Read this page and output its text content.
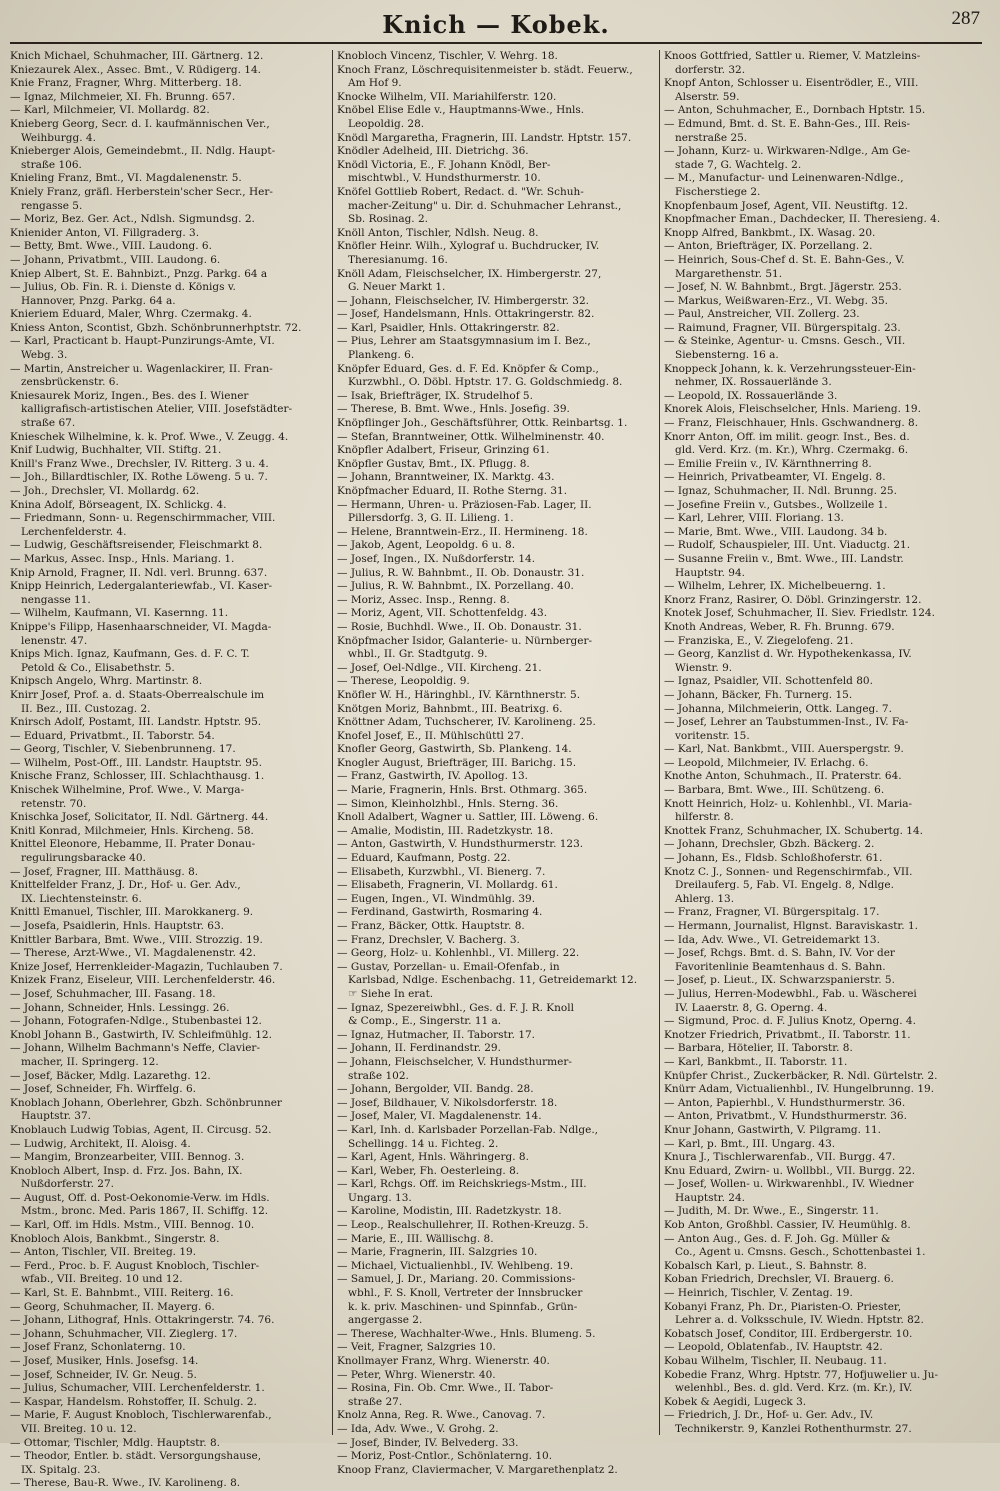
Knich — Kobek.	287
Knich Michael, Schuhmacher, III. Gärtnerg. 12.
Kniezaurek Alex., Assec. Bmt., V. Rüdigerg. 14.
Knie Franz, Fragner, Whrg. Mitterberg. 18.
— Ignaz, Milchmeier, XI. Fh. Brunng. 657.
— Karl, Milchmeier, VI. Mollardg. 82.
Knieberg Georg, Secr. d. I. kaufmännischen Ver.,
Weihburgg. 4.
Knieberger Alois, Gemeindebmt., II. Ndlg. Haupt-
straße 106.
Knieling Franz, Bmt., VI. Magdalenenstr. 5.
Kniely Franz, gräfl. Herberstein'scher Secr., Her-
rengasse 5.
— Moriz, Bez. Ger. Act., Ndlsh. Sigmundsg. 2.
Knienider Anton, VI. Fillgraderg. 3.
— Betty, Bmt. Wwe., VIII. Laudong. 6.
— Johann, Privatbmt., VIII. Laudong. 6.
Kniep Albert, St. E. Bahnbizt., Pnzg. Parkg. 64 a
— Julius, Ob. Fin. R. i. Dienste d. Königs v.
Hannover, Pnzg. Parkg. 64 a.
Knieriem Eduard, Maler, Whrg. Czermakg. 4.
Kniess Anton, Scontist, Gbzh. Schönbrunnerhptstr. 72.
— Karl, Practicant b. Haupt-Punzirungs-Amte, VI.
Webg. 3.
— Martin, Anstreicher u. Wagenlackirer, II. Fran-
zensbrückenstr. 6.
Kniesaurek Moriz, Ingen., Bes. des I. Wiener
kalligrafisch-artistischen Atelier, VIII. Josefstädter-
straße 67.
Knieschek Wilhelmine, k. k. Prof. Wwe., V. Zeugg. 4.
Knif Ludwig, Buchhalter, VII. Stiftg. 21.
Knill's Franz Wwe., Drechsler, IV. Ritterg. 3 u. 4.
— Joh., Billardtischler, IX. Rothe Löweng. 5 u. 7.
— Joh., Drechsler, VI. Mollardg. 62.
Knina Adolf, Börseagent, IX. Schlickg. 4.
— Friedmann, Sonn- u. Regenschirmmacher, VIII.
Lerchenfelderstr. 4.
— Ludwig, Geschäftsreisender, Fleischmarkt 8.
— Markus, Assec. Insp., Hnls. Mariang. 1.
Knip Arnold, Fragner, II. Ndl. verl. Brunng. 637.
Knipp Heinrich, Ledergalanteriewfab., VI. Kaser-
nengasse 11.
— Wilhelm, Kaufmann, VI. Kasernng. 11.
Knippe's Filipp, Hasenhaarschneider, VI. Magda-
lenenstr. 47.
Knips Mich. Ignaz, Kaufmann, Ges. d. F. C. T.
Petold & Co., Elisabethstr. 5.
Knipsch Angelo, Whrg. Martinstr. 8.
Knirr Josef, Prof. a. d. Staats-Oberrealschule im
II. Bez., III. Custozag. 2.
Knirsch Adolf, Postamt, III. Landstr. Hptstr. 95.
— Eduard, Privatbmt., II. Taborstr. 54.
— Georg, Tischler, V. Siebenbrunneng. 17.
— Wilhelm, Post-Off., III. Landstr. Hauptstr. 95.
Knische Franz, Schlosser, III. Schlachthausg. 1.
Knischek Wilhelmine, Prof. Wwe., V. Marga-
retenstr. 70.
Knischka Josef, Solicitator, II. Ndl. Gärtnerg. 44.
Knitl Konrad, Milchmeier, Hnls. Kircheng. 58.
Knittel Eleonore, Hebamme, II. Prater Donau-
regulirungsbaracke 40.
— Josef, Fragner, III. Matthäusg. 8.
Knittelfelder Franz, J. Dr., Hof- u. Ger. Adv.,
IX. Liechtensteinstr. 6.
Knittl Emanuel, Tischler, III. Marokkanerg. 9.
— Josefa, Psaidlerin, Hnls. Hauptstr. 63.
Knittler Barbara, Bmt. Wwe., VIII. Strozzig. 19.
— Therese, Arzt-Wwe., VI. Magdalenenstr. 42.
Knize Josef, Herrenkleider-Magazin, Tuchlauben 7.
Knizek Franz, Eiseleur, VIII. Lerchenfelderstr. 46.
— Josef, Schuhmacher, III. Fasang. 18.
— Johann, Schneider, Hnls. Lessingg. 26.
— Johann, Fotografen-Ndlge., Stubenbastei 12.
Knobl Johann B., Gastwirth, IV. Schleifmühlg. 12.
— Johann, Wilhelm Bachmann's Neffe, Clavier-
macher, II. Springerg. 12.
— Josef, Bäcker, Mdlg. Lazarethg. 12.
— Josef, Schneider, Fh. Wirffelg. 6.
Knoblach Johann, Oberlehrer, Gbzh. Schönbrunner
Hauptstr. 37.
Knoblauch Ludwig Tobias, Agent, II. Circusg. 52.
— Ludwig, Architekt, II. Aloisg. 4.
— Mangim, Bronzearbeiter, VIII. Bennog. 3.
Knobloch Albert, Insp. d. Frz. Jos. Bahn, IX.
Nußdorferstr. 27.
— August, Off. d. Post-Oekonomie-Verw. im Hdls.
Mstm., bronc. Med. Paris 1867, II. Schiffg. 12.
— Karl, Off. im Hdls. Mstm., VIII. Bennog. 10.
Knobloch Alois, Bankbmt., Singerstr. 8.
— Anton, Tischler, VII. Breiteg. 19.
— Ferd., Proc. b. F. August Knobloch, Tischler-
wfab., VII. Breiteg. 10 und 12.
— Karl, St. E. Bahnbmt., VIII. Reiterg. 16.
— Georg, Schuhmacher, II. Mayerg. 6.
— Johann, Lithograf, Hnls. Ottakringerstr. 74. 76.
— Johann, Schuhmacher, VII. Zieglerg. 17.
— Josef Franz, Schonlaterng. 10.
— Josef, Musiker, Hnls. Josefsg. 14.
— Josef, Schneider, IV. Gr. Neug. 5.
— Julius, Schumacher, VIII. Lerchenfelderstr. 1.
— Kaspar, Handelsm. Rohstoffer, II. Schulg. 2.
— Marie, F. August Knobloch, Tischlerwarenfab.,
VII. Breiteg. 10 u. 12.
— Ottomar, Tischler, Mdlg. Hauptstr. 8.
— Theodor, Entler. b. städt. Versorgungshause,
IX. Spitalg. 23.
— Therese, Bau-R. Wwe., IV. Karolineng. 8.
Knobloch Vincenz, Tischler, V. Wehrg. 18.
Knoch Franz, Löschrequisitenmeister b. städt. Feuerw.,
Am Hof 9.
Knocke Wilhelm, VII. Mariahilferstr. 120.
Knöbel Elise Edle v., Hauptmanns-Wwe., Hnls.
Leopoldig. 28.
Knödl Margaretha, Fragnerin, III. Landstr. Hptstr. 157.
Knödler Adelheid, III. Dietrichg. 36.
Knödl Victoria, E., F. Johann Knödl, Ber-
mischtwbl., V. Hundsthurmerstr. 10.
Knöfel Gottlieb Robert, Redact. d. "Wr. Schuh-
macher-Zeitung" u. Dir. d. Schuhmacher Lehranst.,
Sb. Rosinag. 2.
Knöll Anton, Tischler, Ndlsh. Neug. 8.
Knöfler Heinr. Wilh., Xylograf u. Buchdrucker, IV.
Theresianumg. 16.
Knöll Adam, Fleischselcher, IX. Himbergerstr. 27,
G. Neuer Markt 1.
— Johann, Fleischselcher, IV. Himbergerstr. 32.
— Josef, Handelsmann, Hnls. Ottakringerstr. 82.
— Karl, Psaidler, Hnls. Ottakringerstr. 82.
— Pius, Lehrer am Staatsgymnasium im I. Bez.,
Plankeng. 6.
Knöpfer Eduard, Ges. d. F. Ed. Knöpfer & Comp.,
Kurzwbhl., O. Döbl. Hptstr. 17. G. Goldschmiedg. 8.
— Isak, Briefträger, IX. Strudelhof 5.
— Therese, B. Bmt. Wwe., Hnls. Josefig. 39.
Knöpflinger Joh., Geschäftsführer, Ottk. Reinbartsg. 1.
— Stefan, Branntweiner, Ottk. Wilhelminenstr. 40.
Knöpfler Adalbert, Friseur, Grinzing 61.
Knöpfler Gustav, Bmt., IX. Pflugg. 8.
— Johann, Branntweiner, IX. Marktg. 43.
Knöpfmacher Eduard, II. Rothe Sterng. 31.
— Hermann, Uhren- u. Präziosen-Fab. Lager, II.
Pillersdorfg. 3, G. II. Lilieng. 1.
— Helene, Branntwein-Erz., II. Hermineng. 18.
— Jakob, Agent, Leopoldg. 6 u. 8.
— Josef, Ingen., IX. Nußdorferstr. 14.
— Julius, R. W. Bahnbmt., II. Ob. Donaustr. 31.
— Julius, R. W. Bahnbmt., IX. Porzellang. 40.
— Moriz, Assec. Insp., Renng. 8.
— Moriz, Agent, VII. Schottenfeldg. 43.
— Rosie, Buchhdl. Wwe., II. Ob. Donaustr. 31.
Knöpfmacher Isidor, Galanterie- u. Nürnberger-
whbl., II. Gr. Stadtgutg. 9.
— Josef, Oel-Ndlge., VII. Kircheng. 21.
— Therese, Leopoldig. 9.
Knöfler W. H., Häringhbl., IV. Kärnthnerstr. 5.
Knötgen Moriz, Bahnbmt., III. Beatrixg. 6.
Knöttner Adam, Tuchscherer, IV. Karolineng. 25.
Knofel Josef, E., II. Mühlschüttl 27.
Knofler Georg, Gastwirth, Sb. Plankeng. 14.
Knogler August, Briefträger, III. Barichg. 15.
— Franz, Gastwirth, IV. Apollog. 13.
— Marie, Fragnerin, Hnls. Brst. Othmarg. 365.
— Simon, Kleinholzhbl., Hnls. Sterng. 36.
Knoll Adalbert, Wagner u. Sattler, III. Löweng. 6.
— Amalie, Modistin, III. Radetzkystr. 18.
— Anton, Gastwirth, V. Hundsthurmerstr. 123.
— Eduard, Kaufmann, Postg. 22.
— Elisabeth, Kurzwbhl., VI. Bienerg. 7.
— Elisabeth, Fragnerin, VI. Mollardg. 61.
— Eugen, Ingen., VI. Windmühlg. 39.
— Ferdinand, Gastwirth, Rosmaring 4.
— Franz, Bäcker, Ottk. Hauptstr. 8.
— Franz, Drechsler, V. Bacherg. 3.
— Georg, Holz- u. Kohlenhbl., VI. Millerg. 22.
— Gustav, Porzellan- u. Email-Ofenfab., in
Karlsbad, Ndlge. Eschenbachg. 11, Getreidemarkt 12.
☞ Siehe In erat.
— Ignaz, Spezereiwbhl., Ges. d. F. J. R. Knoll
& Comp., E., Singerstr. 11 a.
— Ignaz, Hutmacher, II. Taborstr. 17.
— Johann, II. Ferdinandstr. 29.
— Johann, Fleischselcher, V. Hundsthurmer-
straße 102.
— Johann, Bergolder, VII. Bandg. 28.
— Josef, Bildhauer, V. Nikolsdorferstr. 18.
— Josef, Maler, VI. Magdalenenstr. 14.
— Karl, Inh. d. Karlsbader Porzellan-Fab. Ndlge.,
Schellingg. 14 u. Fichteg. 2.
— Karl, Agent, Hnls. Währingerg. 8.
— Karl, Weber, Fh. Oesterleing. 8.
— Karl, Rchgs. Off. im Reichskriegs-Mstm., III.
Ungarg. 13.
— Karoline, Modistin, III. Radetzkystr. 18.
— Leop., Realschullehrer, II. Rothen-Kreuzg. 5.
— Marie, E., III. Wällischg. 8.
— Marie, Fragnerin, III. Salzgries 10.
— Michael, Victualienhbl., IV. Wehlbeng. 19.
— Samuel, J. Dr., Mariang. 20. Commissions-
wbhl., F. S. Knoll, Vertreter der Innsbrucker
k. k. priv. Maschinen- und Spinnfab., Grün-
angergasse 2.
— Therese, Wachhalter-Wwe., Hnls. Blumeng. 5.
— Veit, Fragner, Salzgries 10.
Knollmayer Franz, Whrg. Wienerstr. 40.
— Peter, Whrg. Wienerstr. 40.
— Rosina, Fin. Ob. Cmr. Wwe., II. Tabor-
straße 27.
Knolz Anna, Reg. R. Wwe., Canovag. 7.
— Ida, Adv. Wwe., V. Grohg. 2.
— Josef, Binder, IV. Belvederg. 33.
— Moriz, Post-Cntlor., Schönlaterng. 10.
Knoop Franz, Claviermacher, V. Margarethenplatz 2.
Knoos Gottfried, Sattler u. Riemer, V. Matzleins-
dorferstr. 32.
Knopf Anton, Schlosser u. Eisentrödler, E., VIII.
Alserstr. 59.
— Anton, Schuhmacher, E., Dornbach Hptstr. 15.
— Edmund, Bmt. d. St. E. Bahn-Ges., III. Reis-
nerstraße 25.
— Johann, Kurz- u. Wirkwaren-Ndlge., Am Ge-
stade 7, G. Wachtelg. 2.
— M., Manufactur- und Leinenwaren-Ndlge.,
Fischerstiege 2.
Knopfenbaum Josef, Agent, VII. Neustiftg. 12.
Knopfmacher Eman., Dachdecker, II. Theresieng. 4.
Knopp Alfred, Bankbmt., IX. Wasag. 20.
— Anton, Briefträger, IX. Porzellang. 2.
— Heinrich, Sous-Chef d. St. E. Bahn-Ges., V.
Margarethenstr. 51.
— Josef, N. W. Bahnbmt., Brgt. Jägerstr. 253.
— Markus, Weißwaren-Erz., VI. Webg. 35.
— Paul, Anstreicher, VII. Zollerg. 23.
— Raimund, Fragner, VII. Bürgerspitalg. 23.
— & Steinke, Agentur- u. Cmsns. Gesch., VII.
Siebensterng. 16 a.
Knoppeck Johann, k. k. Verzehrungssteuer-Ein-
nehmer, IX. Rossauerlände 3.
— Leopold, IX. Rossauerlände 3.
Knorek Alois, Fleischselcher, Hnls. Marieng. 19.
— Franz, Fleischhauer, Hnls. Gschwandnerg. 8.
Knorr Anton, Off. im milit. geogr. Inst., Bes. d.
gld. Verd. Krz. (m. Kr.), Whrg. Czermakg. 6.
— Emilie Freiin v., IV. Kärnthnerring 8.
— Heinrich, Privatbeamter, VI. Engelg. 8.
— Ignaz, Schuhmacher, II. Ndl. Brunng. 25.
— Josefine Freiin v., Gutsbes., Wollzeile 1.
— Karl, Lehrer, VIII. Floriang. 13.
— Marie, Bmt. Wwe., VIII. Laudong. 34 b.
— Rudolf, Schauspieler, III. Unt. Viaductg. 21.
— Susanne Freiin v., Bmt. Wwe., III. Landstr.
Hauptstr. 94.
— Wilhelm, Lehrer, IX. Michelbeuerng. 1.
Knorz Franz, Rasirer, O. Döbl. Grinzingerstr. 12.
Knotek Josef, Schuhmacher, II. Siev. Friedlstr. 124.
Knoth Andreas, Weber, R. Fh. Brunng. 679.
— Franziska, E., V. Ziegelofeng. 21.
— Georg, Kanzlist d. Wr. Hypothekenkassa, IV.
Wienstr. 9.
— Ignaz, Psaidler, VII. Schottenfeld 80.
— Johann, Bäcker, Fh. Turnerg. 15.
— Johanna, Milchmeierin, Ottk. Langeg. 7.
— Josef, Lehrer an Taubstummen-Inst., IV. Fa-
voritenstr. 15.
— Karl, Nat. Bankbmt., VIII. Auerspergstr. 9.
— Leopold, Milchmeier, IV. Erlachg. 6.
Knothe Anton, Schuhmach., II. Praterstr. 64.
— Barbara, Bmt. Wwe., III. Schützeng. 6.
Knott Heinrich, Holz- u. Kohlenhbl., VI. Maria-
hilferstr. 8.
Knottek Franz, Schuhmacher, IX. Schubertg. 14.
— Johann, Drechsler, Gbzh. Bäckerg. 2.
— Johann, Es., Fldsb. Schloßhoferstr. 61.
Knotz C. J., Sonnen- und Regenschirmfab., VII.
Dreilauferg. 5, Fab. VI. Engelg. 8, Ndlge.
Ahlerg. 13.
— Franz, Fragner, VI. Bürgerspitalg. 17.
— Hermann, Journalist, Hlgnst. Baraviskastr. 1.
— Ida, Adv. Wwe., VI. Getreidemarkt 13.
— Josef, Rchgs. Bmt. d. S. Bahn, IV. Vor der
Favoritenlinie Beamtenhaus d. S. Bahn.
— Josef, p. Lieut., IX. Schwarzspanierstr. 5.
— Julius, Herren-Modewbhl., Fab. u. Wäscherei
IV. Laaerstr. 8, G. Operng. 4.
— Sigmund, Proc. d. F. Julius Knotz, Operng. 4.
Knotzer Friedrich, Privatbmt., II. Taborstr. 11.
— Barbara, Hötelier, II. Taborstr. 8.
— Karl, Bankbmt., II. Taborstr. 11.
Knüpfer Christ., Zuckerbäcker, R. Ndl. Gürtelstr. 2.
Knürr Adam, Victualienhbl., IV. Hungelbrunng. 19.
— Anton, Papierhbl., V. Hundsthurmerstr. 36.
— Anton, Privatbmt., V. Hundsthurmerstr. 36.
Knur Johann, Gastwirth, V. Pilgramg. 11.
— Karl, p. Bmt., III. Ungarg. 43.
Knura J., Tischlerwarenfab., VII. Burgg. 47.
Knu Eduard, Zwirn- u. Wollbbl., VII. Burgg. 22.
— Josef, Wollen- u. Wirkwarenhbl., IV. Wiedner
Hauptstr. 24.
— Judith, M. Dr. Wwe., E., Singerstr. 11.
Kob Anton, Großhbl. Cassier, IV. Heumühlg. 8.
— Anton Aug., Ges. d. F. Joh. Gg. Müller &
Co., Agent u. Cmsns. Gesch., Schottenbastei 1.
Kobalsch Karl, p. Lieut., S. Bahnstr. 8.
Koban Friedrich, Drechsler, VI. Brauerg. 6.
— Heinrich, Tischler, V. Zentag. 19.
Kobanyi Franz, Ph. Dr., Piaristen-O. Priester,
Lehrer a. d. Volksschule, IV. Wiedn. Hptstr. 82.
Kobatsch Josef, Conditor, III. Erdbergerstr. 10.
— Leopold, Oblatenfab., IV. Hauptstr. 42.
Kobau Wilhelm, Tischler, II. Neubaug. 11.
Kobedie Franz, Whrg. Hptstr. 77, Hofjuwelier u. Ju-
welenhbl., Bes. d. gld. Verd. Krz. (m. Kr.), IV.
Kobek & Aegidi, Lugeck 3.
— Friedrich, J. Dr., Hof- u. Ger. Adv., IV.
Technikerstr. 9, Kanzlei Rothenthurmstr. 27.
